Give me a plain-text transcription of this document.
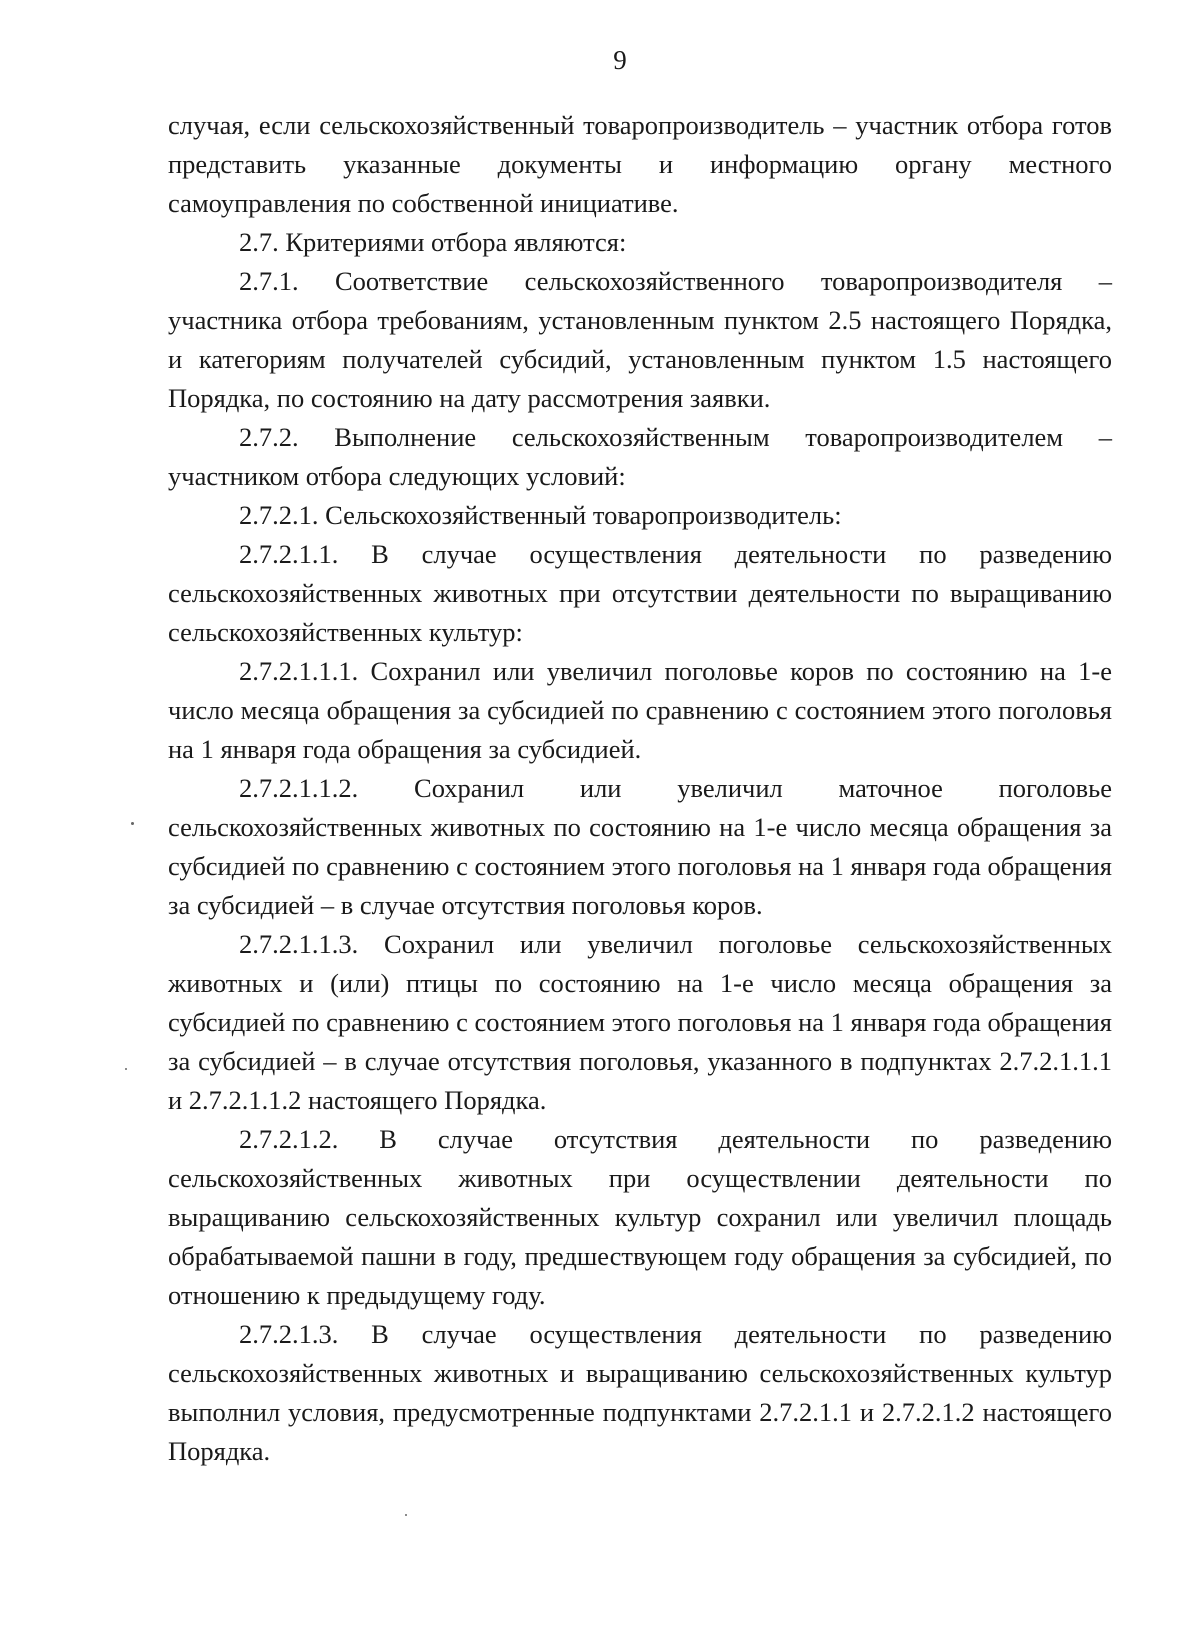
9

случая, если сельскохозяйственный товаропроизводитель – участник отбора готов представить указанные документы и информацию органу местного самоуправления по собственной инициативе.

2.7. Критериями отбора являются:

2.7.1. Соответствие сельскохозяйственного товаропроизводителя – участника отбора требованиям, установленным пунктом 2.5 настоящего Порядка, и категориям получателей субсидий, установленным пунктом 1.5 настоящего Порядка, по состоянию на дату рассмотрения заявки.

2.7.2. Выполнение сельскохозяйственным товаропроизводителем – участником отбора следующих условий:

2.7.2.1. Сельскохозяйственный товаропроизводитель:

2.7.2.1.1. В случае осуществления деятельности по разведению сельскохозяйственных животных при отсутствии деятельности по выращиванию сельскохозяйственных культур:

2.7.2.1.1.1. Сохранил или увеличил поголовье коров по состоянию на 1-е число месяца обращения за субсидией по сравнению с состоянием этого поголовья на 1 января года обращения за субсидией.

2.7.2.1.1.2. Сохранил или увеличил маточное поголовье сельскохозяйственных животных по состоянию на 1-е число месяца обращения за субсидией по сравнению с состоянием этого поголовья на 1 января года обращения за субсидией – в случае отсутствия поголовья коров.

2.7.2.1.1.3. Сохранил или увеличил поголовье сельскохозяйственных животных и (или) птицы по состоянию на 1-е число месяца обращения за субсидией по сравнению с состоянием этого поголовья на 1 января года обращения за субсидией – в случае отсутствия поголовья, указанного в подпунктах 2.7.2.1.1.1 и 2.7.2.1.1.2 настоящего Порядка.

2.7.2.1.2. В случае отсутствия деятельности по разведению сельскохозяйственных животных при осуществлении деятельности по выращиванию сельскохозяйственных культур сохранил или увеличил площадь обрабатываемой пашни в году, предшествующем году обращения за субсидией, по отношению к предыдущему году.

2.7.2.1.3. В случае осуществления деятельности по разведению сельскохозяйственных животных и выращиванию сельскохозяйственных культур выполнил условия, предусмотренные подпунктами 2.7.2.1.1 и 2.7.2.1.2 настоящего Порядка.
